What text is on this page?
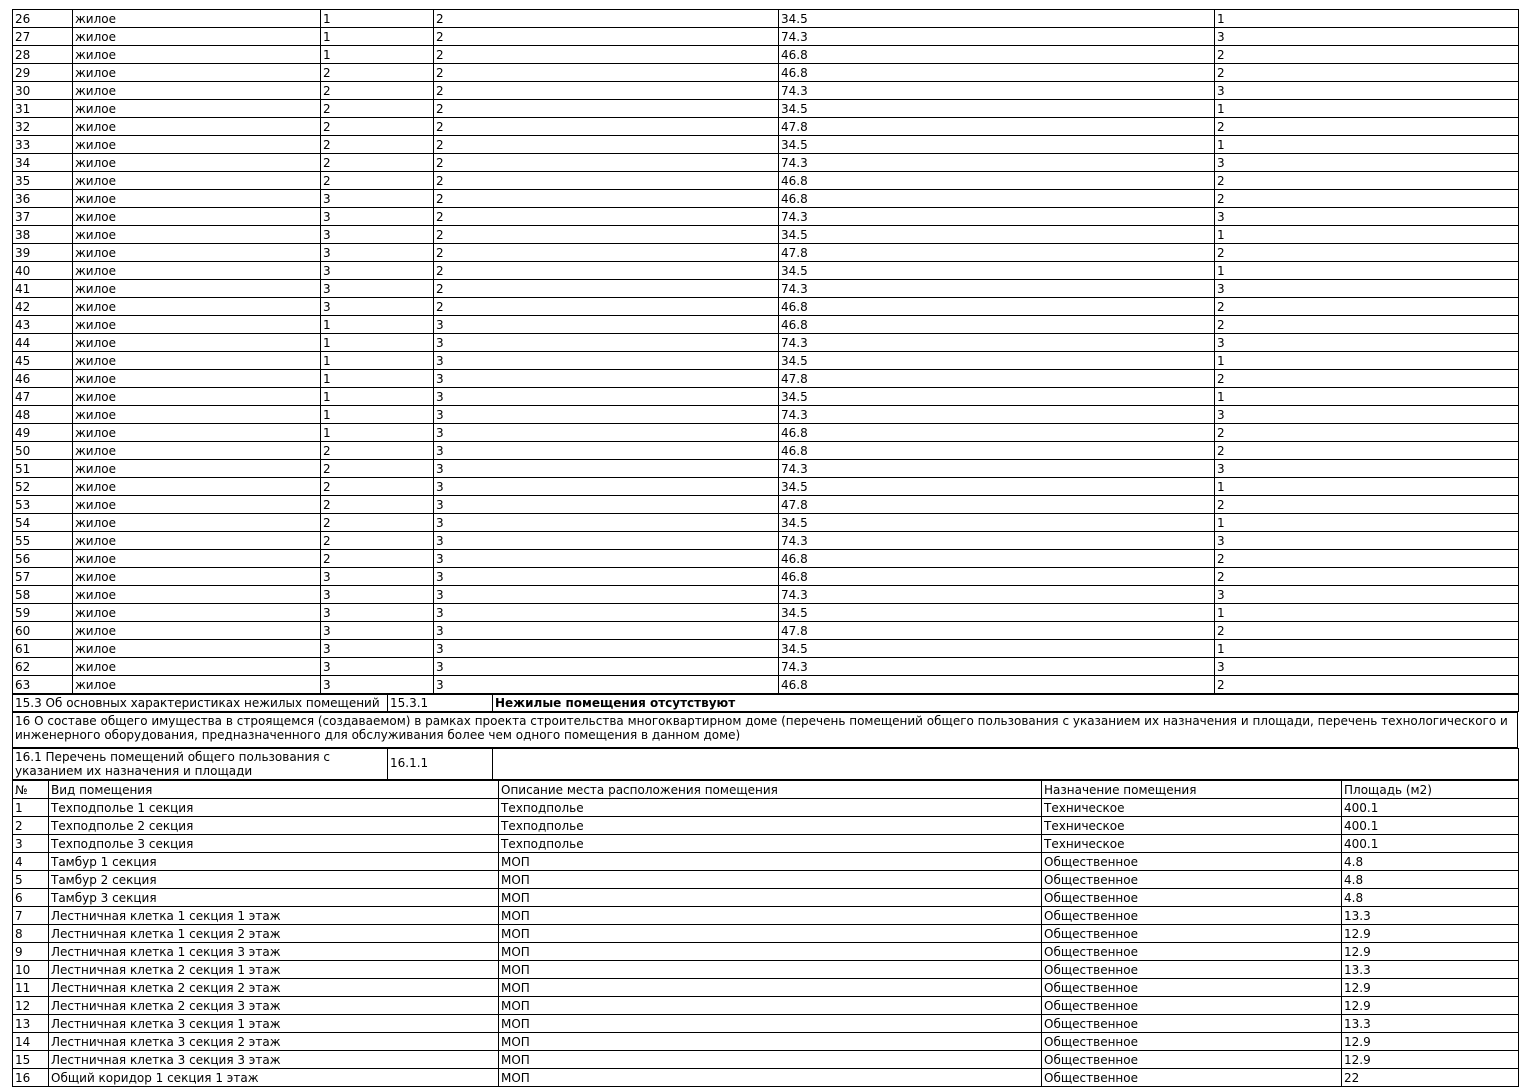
26	жилое	1	2	34.5	1
27	жилое	1	2	74.3	3
28	жилое	1	2	46.8	2
29	жилое	2	2	46.8	2
30	жилое	2	2	74.3	3
31	жилое	2	2	34.5	1
32	жилое	2	2	47.8	2
33	жилое	2	2	34.5	1
34	жилое	2	2	74.3	3
35	жилое	2	2	46.8	2
36	жилое	3	2	46.8	2
37	жилое	3	2	74.3	3
38	жилое	3	2	34.5	1
39	жилое	3	2	47.8	2
40	жилое	3	2	34.5	1
41	жилое	3	2	74.3	3
42	жилое	3	2	46.8	2
43	жилое	1	3	46.8	2
44	жилое	1	3	74.3	3
45	жилое	1	3	34.5	1
46	жилое	1	3	47.8	2
47	жилое	1	3	34.5	1
48	жилое	1	3	74.3	3
49	жилое	1	3	46.8	2
50	жилое	2	3	46.8	2
51	жилое	2	3	74.3	3
52	жилое	2	3	34.5	1
53	жилое	2	3	47.8	2
54	жилое	2	3	34.5	1
55	жилое	2	3	74.3	3
56	жилое	2	3	46.8	2
57	жилое	3	3	46.8	2
58	жилое	3	3	74.3	3
59	жилое	3	3	34.5	1
60	жилое	3	3	47.8	2
61	жилое	3	3	34.5	1
62	жилое	3	3	74.3	3
63	жилое	3	3	46.8	2
15.3 Об основных характеристиках нежилых помещений	15.3.1	Нежилые помещения отсутствуют
16 О составе общего имущества в строящемся (создаваемом) в рамках проекта строительства многоквартирном доме (перечень помещений общего пользования с указанием их назначения и площади, перечень технологического и инженерного оборудования, предназначенного для обслуживания более чем одного помещения в данном доме)
16.1 Перечень помещений общего пользования с указанием их назначения и площади	16.1.1	
№	Вид помещения	Описание места расположения помещения	Назначение помещения	Площадь (м2)
1	Техподполье 1 секция	Техподполье	Техническое	400.1
2	Техподполье 2 секция	Техподполье	Техническое	400.1
3	Техподполье 3 секция	Техподполье	Техническое	400.1
4	Тамбур 1 секция	МОП	Общественное	4.8
5	Тамбур 2 секция	МОП	Общественное	4.8
6	Тамбур 3 секция	МОП	Общественное	4.8
7	Лестничная клетка 1 секция 1 этаж	МОП	Общественное	13.3
8	Лестничная клетка 1 секция 2 этаж	МОП	Общественное	12.9
9	Лестничная клетка 1 секция 3 этаж	МОП	Общественное	12.9
10	Лестничная клетка 2 секция 1 этаж	МОП	Общественное	13.3
11	Лестничная клетка 2 секция 2 этаж	МОП	Общественное	12.9
12	Лестничная клетка 2 секция 3 этаж	МОП	Общественное	12.9
13	Лестничная клетка 3 секция 1 этаж	МОП	Общественное	13.3
14	Лестничная клетка 3 секция 2 этаж	МОП	Общественное	12.9
15	Лестничная клетка 3 секция 3 этаж	МОП	Общественное	12.9
16	Общий коридор 1 секция 1 этаж	МОП	Общественное	22
